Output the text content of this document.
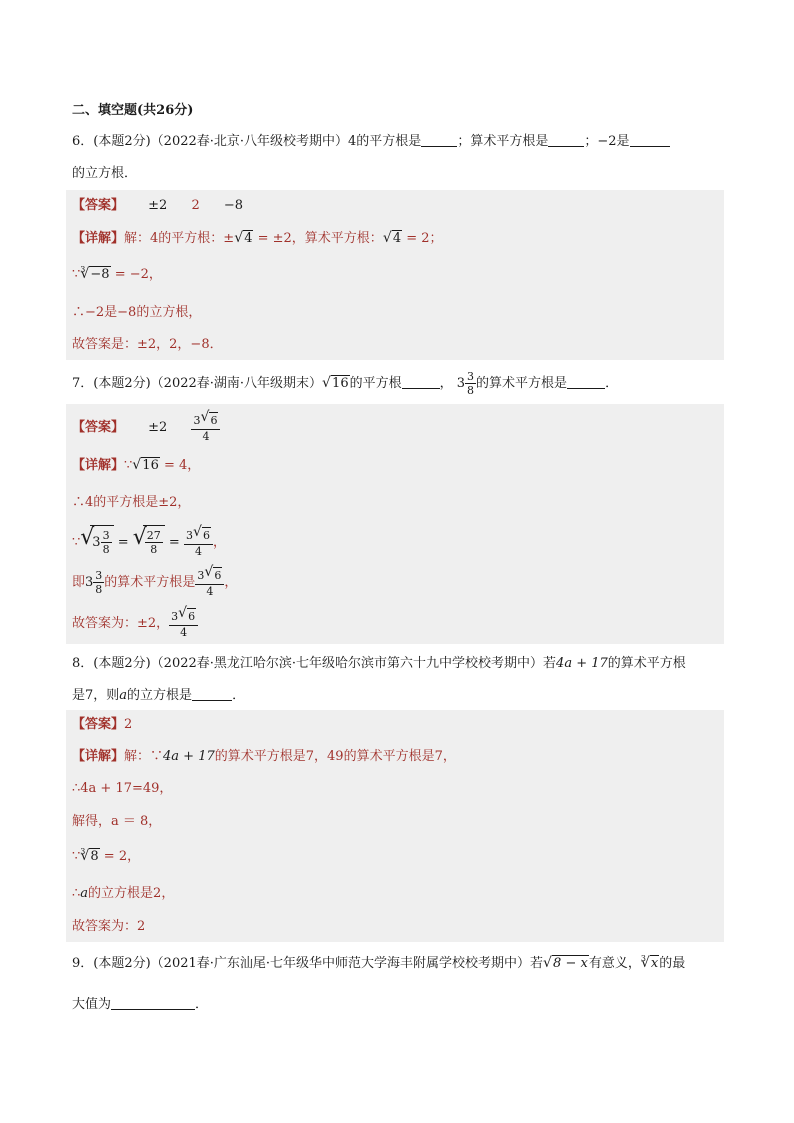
二、填空题(共26分)
6．(本题2分)（2022春·北京·八年级校考期中）4的平方根是	；算术平方根是	；−2是
的立方根．
【答案】 ±2 2 −8
【详解】解：4的平方根：± √ 4 = ±2，算术平方根： √ 4 = 2；
∵$^3$ √ −8 = −2，
∴−2是−8的立方根，
故答案是：±2，2，−8．
7．(本题2分)（2022春·湖南·八年级期末） √ 16的平方根	， $3 \frac{3}{8}$ 的算术平方根是	．
【答案】 $\pm 2 \frac{3 √ 6}{4}$
【详解】∵ √ 16 = 4，
∴4的平方根是±2，
∵ √ $3 \frac{3}{8}$ = √ $\frac{27}{8} = \frac{3 √ 6}{4}$ ，
即$3 \frac{3}{8}$ 的算术平方根是 $\frac{3 √ 6}{4}$ ，
故答案为：±2， $\frac{3 √ 6}{4}$
8．(本题2分)（2022春·黑龙江哈尔滨·七年级哈尔滨市第六十九中学校校考期中）若4a + 17的算术平方根
是7，则a的立方根是	．
【答案】2
【详解】解：∵4a + 17的算术平方根是7，49的算术平方根是7，
∴4a + 17=49，
解得，a ＝ 8，
∵$^3$ √ 8 = 2，
∴a的立方根是2，
故答案为：2
9．(本题2分)（2021春·广东汕尾·七年级华中师范大学海丰附属学校校考期中）若 √ 8 − x有意义，$^3$ √ x的最
大值为	．
